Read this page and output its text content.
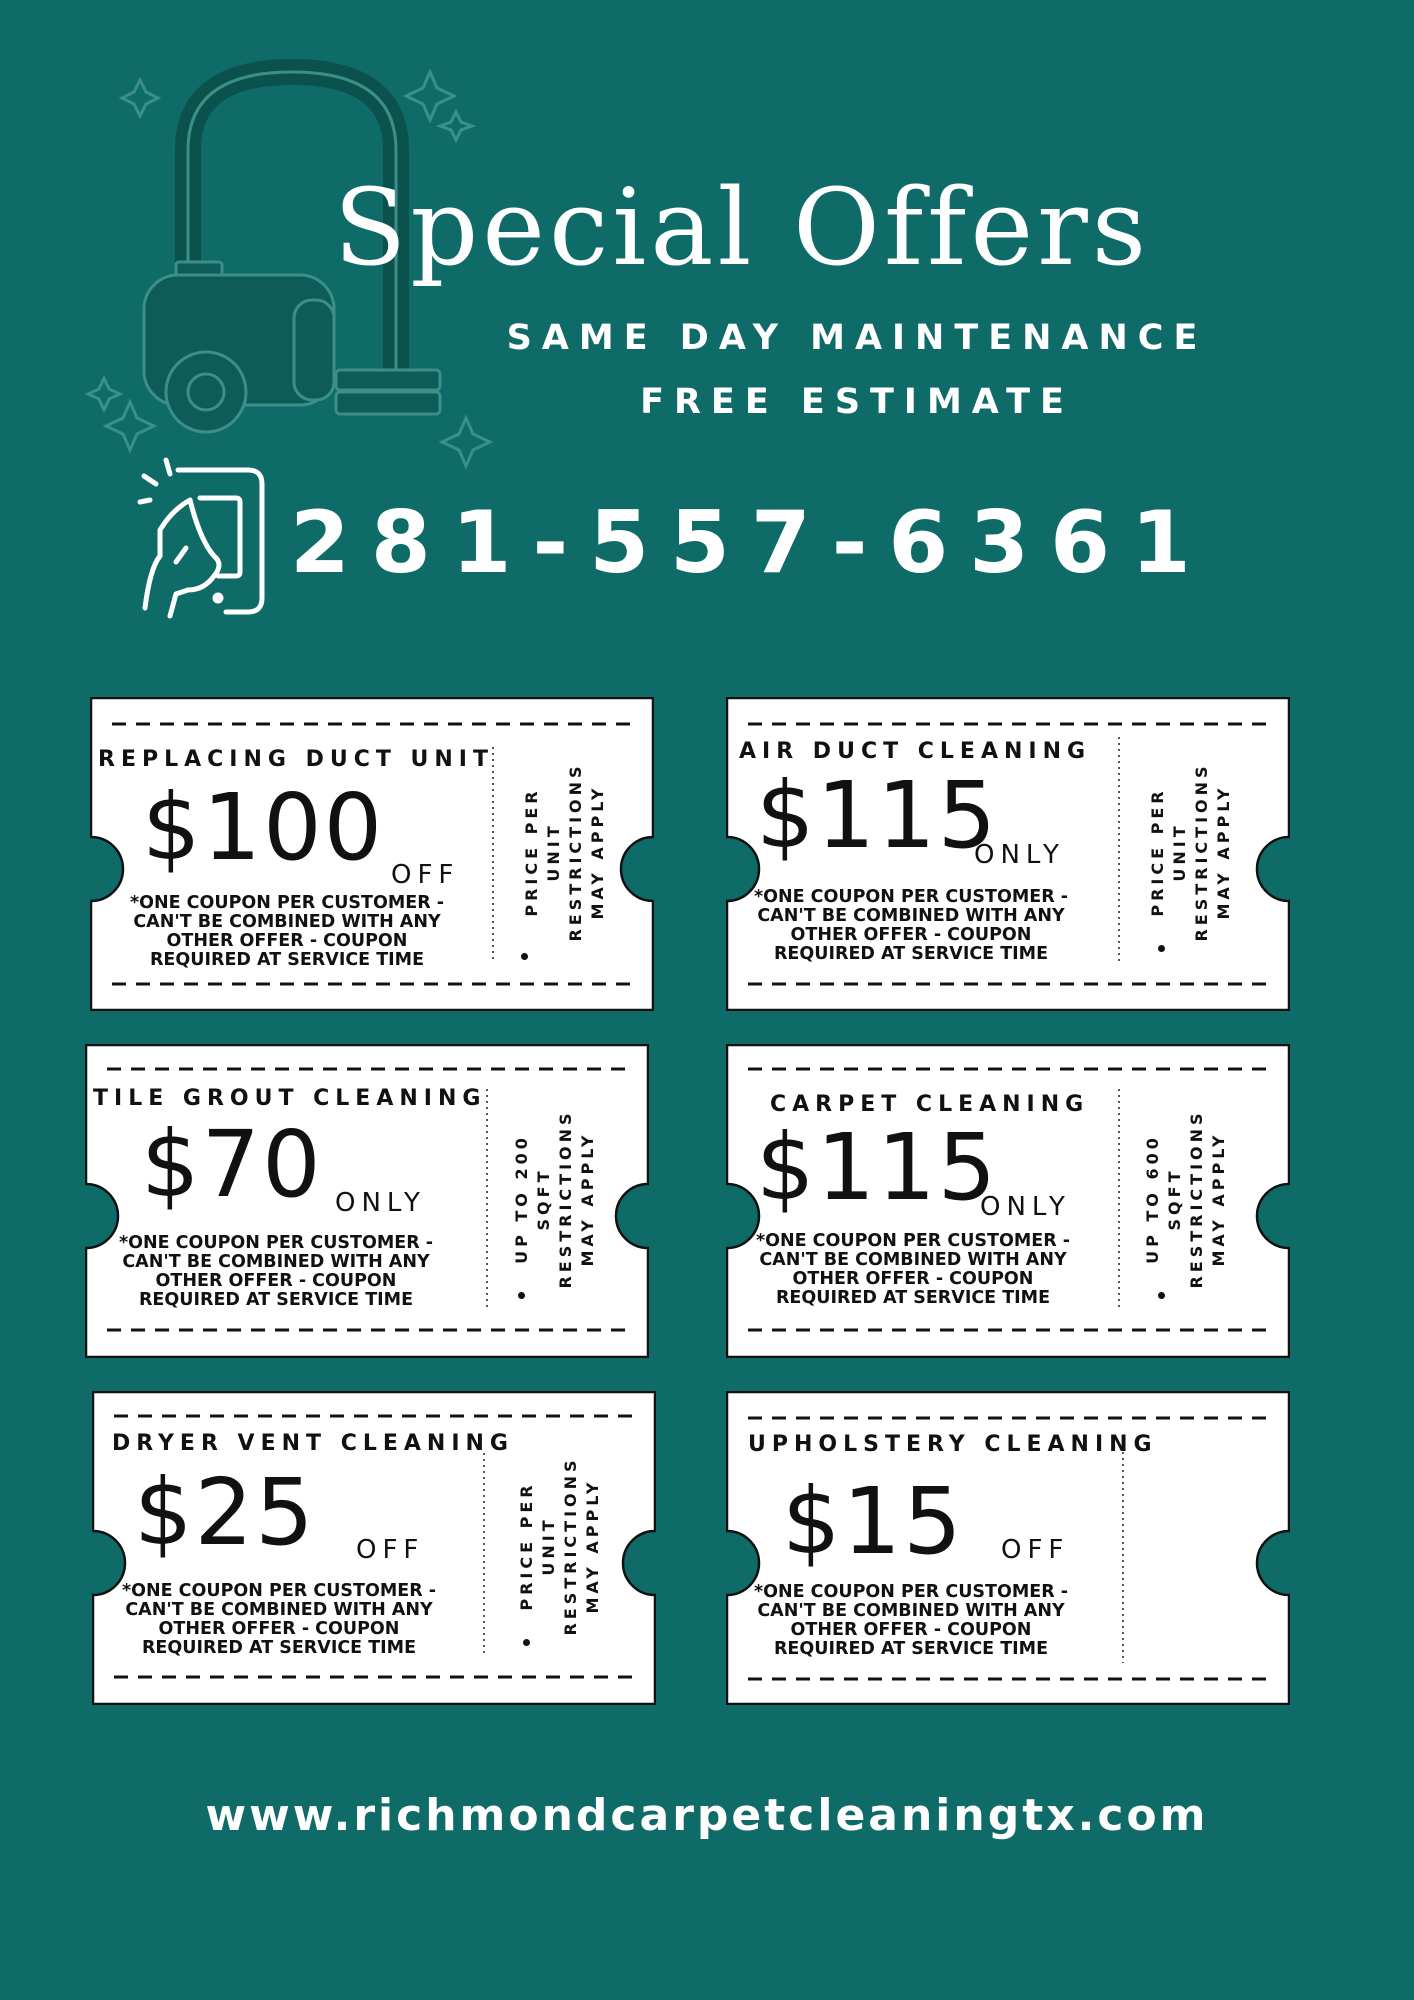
Special Offers
SAME DAY MAINTENANCE
FREE ESTIMATE
281-557-6361
REPLACING DUCT UNIT
$100 OFF
*ONE COUPON PER CUSTOMER - CAN'T BE COMBINED WITH ANY OTHER OFFER - COUPON REQUIRED AT SERVICE TIME
PRICE PER UNIT RESTRICTIONS MAY APPLY
AIR DUCT CLEANING
$115
ONLY
*ONE COUPON PER CUSTOMER - CAN'T BE COMBINED WITH ANY OTHER OFFER - COUPON REQUIRED AT SERVICE TIME
PRICE PER UNIT RESTRICTIONS MAY APPLY
TILE GROUT CLEANING
$70 ONLY
*ONE COUPON PER CUSTOMER - CAN'T BE COMBINED WITH ANY OTHER OFFER - COUPON REQUIRED AT SERVICE TIME
UP TO 200 SQFT RESTRICTIONS MAY APPLY
CARPET CLEANING
$115
ONLY
*ONE COUPON PER CUSTOMER - CAN'T BE COMBINED WITH ANY OTHER OFFER - COUPON REQUIRED AT SERVICE TIME
UP TO 600 SQFT RESTRICTIONS MAY APPLY
DRYER VENT CLEANING
$25 OFF
*ONE COUPON PER CUSTOMER - CAN'T BE COMBINED WITH ANY OTHER OFFER - COUPON REQUIRED AT SERVICE TIME
PRICE PER UNIT RESTRICTIONS MAY APPLY
UPHOLSTERY CLEANING
$15 OFF
*ONE COUPON PER CUSTOMER - CAN'T BE COMBINED WITH ANY OTHER OFFER - COUPON REQUIRED AT SERVICE TIME
www.richmondcarpetcleaningtx.com
